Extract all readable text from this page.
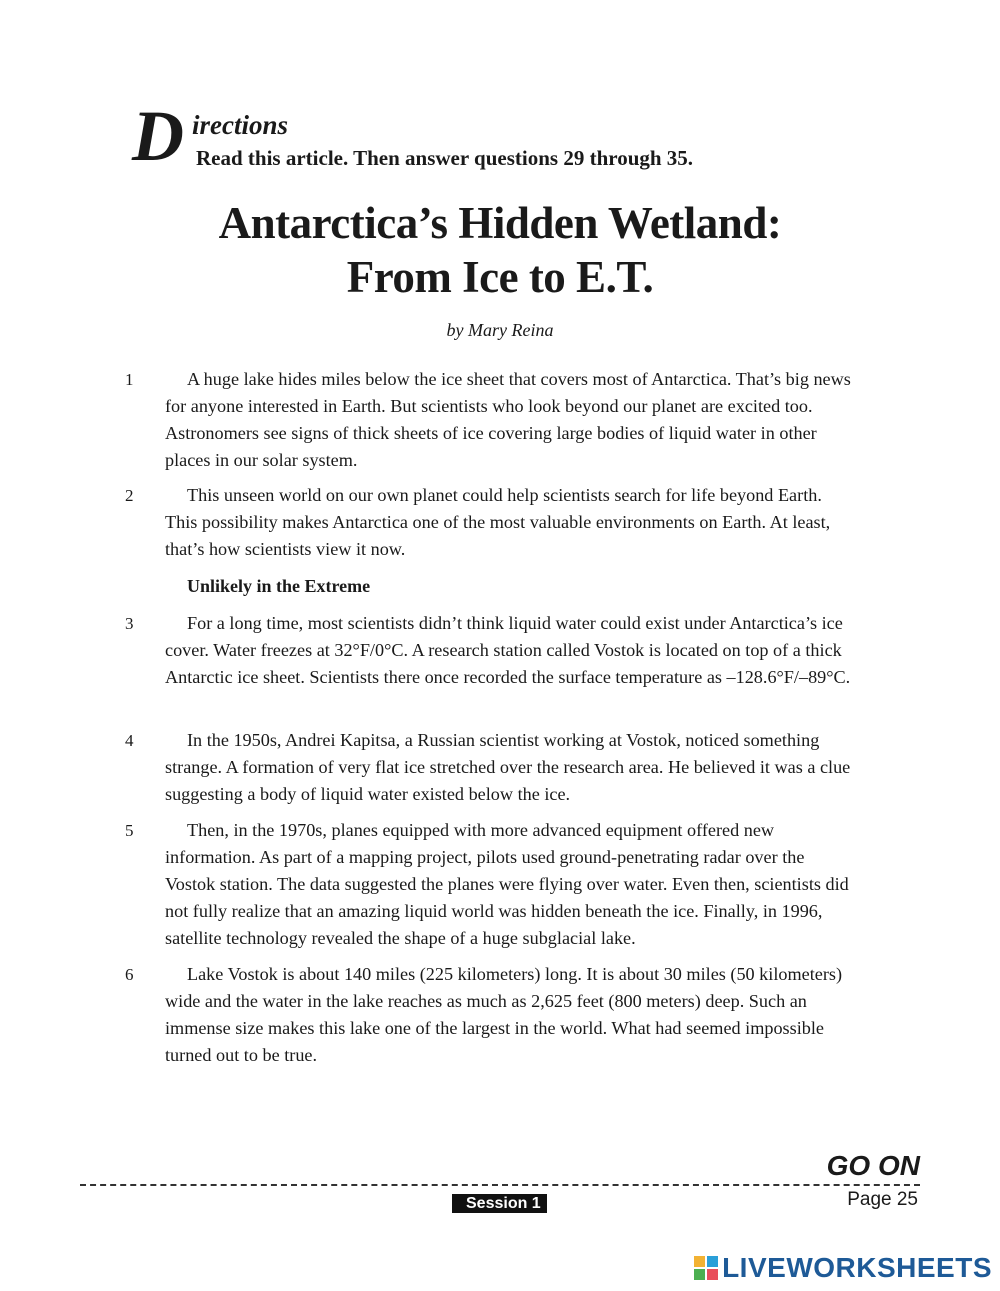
D irections
Read this article. Then answer questions 29 through 35.
Antarctica’s Hidden Wetland:
From Ice to E.T.
by Mary Reina
1	A huge lake hides miles below the ice sheet that covers most of Antarctica. That’s big news for anyone interested in Earth. But scientists who look beyond our planet are excited too. Astronomers see signs of thick sheets of ice covering large bodies of liquid water in other places in our solar system.
2	This unseen world on our own planet could help scientists search for life beyond Earth. This possibility makes Antarctica one of the most valuable environments on Earth. At least, that’s how scientists view it now.
Unlikely in the Extreme
3	For a long time, most scientists didn’t think liquid water could exist under Antarctica’s ice cover. Water freezes at 32°F/0°C. A research station called Vostok is located on top of a thick Antarctic ice sheet. Scientists there once recorded the surface temperature as –128.6°F/–89°C.
4	In the 1950s, Andrei Kapitsa, a Russian scientist working at Vostok, noticed something strange. A formation of very flat ice stretched over the research area. He believed it was a clue suggesting a body of liquid water existed below the ice.
5	Then, in the 1970s, planes equipped with more advanced equipment offered new information. As part of a mapping project, pilots used ground-penetrating radar over the Vostok station. The data suggested the planes were flying over water. Even then, scientists did not fully realize that an amazing liquid world was hidden beneath the ice. Finally, in 1996, satellite technology revealed the shape of a huge subglacial lake.
6	Lake Vostok is about 140 miles (225 kilometers) long. It is about 30 miles (50 kilometers) wide and the water in the lake reaches as much as 2,625 feet (800 meters) deep. Such an immense size makes this lake one of the largest in the world. What had seemed impossible turned out to be true.
GO ON
Session 1	Page 25
LIVEWORKSHEETS
